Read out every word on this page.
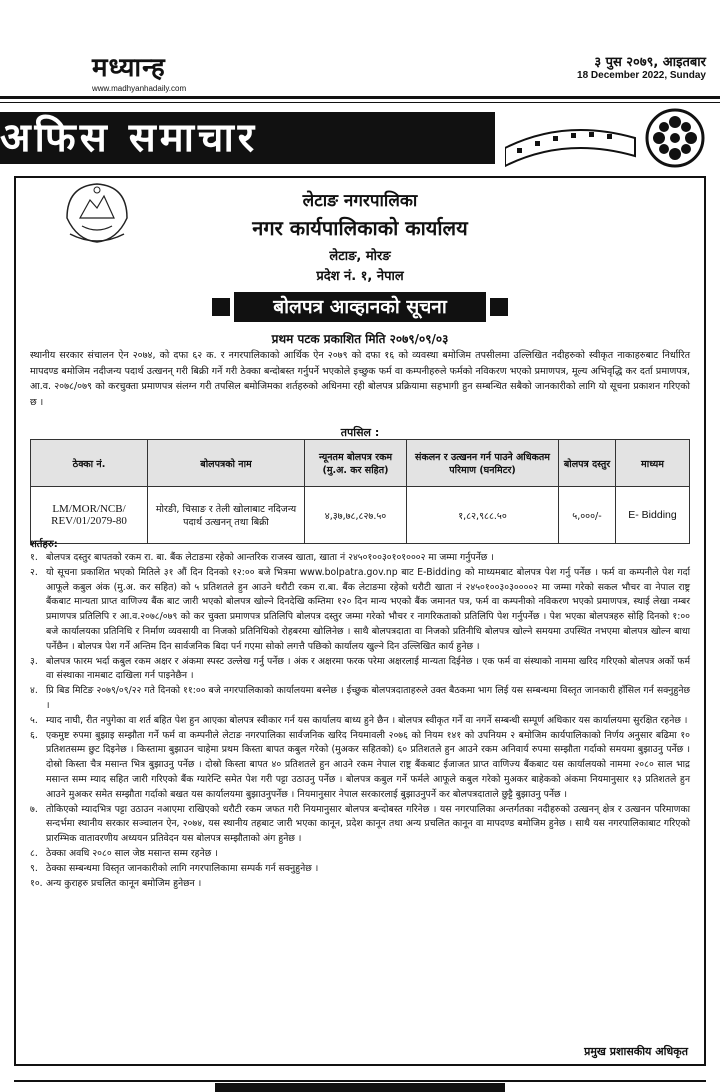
मध्यान्ह
www.madhyanhadaily.com
३ पुस २०७९, आइतबार
18 December 2022, Sunday
अफिस समाचार
लेटाङ नगरपालिका
नगर कार्यपालिकाको कार्यालय
लेटाङ, मोरङ
प्रदेश नं. १, नेपाल
बोलपत्र आव्हानको सूचना
प्रथम पटक प्रकाशित मिति २०७९/०९/०३
स्थानीय सरकार संचालन ऐन २०७४, को दफा ६२ क. र नगरपालिकाको आर्थिक ऐन २०७९ को दफा १६ को व्यवस्था बमोजिम तपसीलमा उल्लिखित नदीहरुको स्वीकृत नाकाहरुबाट निर्धारित मापदण्ड बमोजिम नदीजन्य पदार्थ उत्खनन् गरी बिक्री गर्ने गरी ठेक्का बन्दोबस्त गर्नुपर्ने भएकोले इच्छुक फर्म वा कम्पनीहरुले फर्मको नविकरण भएको प्रमाणपत्र, मूल्य अभिवृद्धि कर दर्ता प्रमाणपत्र, आ.व. २०७८/०७९ को करचुक्ता प्रमाणपत्र संलग्न गरी तपसिल बमोजिमका शर्तहरुको अधिनमा रही बोलपत्र प्रक्रियामा सहभागी हुन सम्बन्धित सबैको जानकारीको लागि यो सूचना प्रकाशन गरिएको छ ।
तपसिल :
ठेक्का नं.	बोलपत्रको नाम	न्यूनतम बोलपत्र रकम (मु.अ. कर सहित)	संकलन र उत्खनन गर्न पाउने अधिकतम परिमाण (घनमिटर)	बोलपत्र दस्तुर	माध्यम
LM/MOR/NCB/ REV/01/2079-80	मोरङी, चिसाङ र तेली खोलाबाट नदिजन्य पदार्थ उत्खनन् तथा बिक्री	४,३७,७८,८२७.५०	१,८२,९८८.५०	५,०००/-	E- Bidding
शर्तहरु:
१. बोलपत्र दस्तुर बापतको रकम रा. बा. बैंक लेटाङमा रहेको आन्तरिक राजस्व खाता, खाता नं २४५०१००३०१०१०००२ मा जम्मा गर्नुपर्नेछ ।
२. यो सूचना प्रकाशित भएको मितिले ३१ औं दिन दिनको १२:०० बजे भित्रमा www.bolpatra.gov.np बाट E-Bidding को माध्यमबाट बोलपत्र पेश गर्नु पर्नेछ । फर्म वा कम्पनीले पेश गर्दा आफूले कबुल अंक (मु.अ. कर सहित) को ५ प्रतिशतले हुन आउने धरौटी रकम रा.बा. बैंक लेटाङमा रहेको धरौटी खाता नं २४५०१००३०३००००२ मा जम्मा गरेको सकल भौचर वा नेपाल राष्ट्र बैंकबाट मान्यता प्राप्त वाणिज्य बैंक बाट जारी भएको बोलपत्र खोल्ने दिनदेखि कम्तिमा १२० दिन मान्य भएको बैंक जमानत पत्र, फर्म वा कम्पनीको नविकरण भएको प्रमाणपत्र, स्थाई लेखा नम्बर प्रमाणपत्र प्रतिलिपि र आ.व.२०७८/०७९ को कर चुक्ता प्रमाणपत्र प्रतिलिपि बोलपत्र दस्तुर जम्मा गरेको भौचर र नागरिकताको प्रतिलिपि पेश गर्नुपर्नेछ । पेश भएका बोलपत्रहरु सोहि दिनको १:०० बजे कार्यालयका प्रतिनिधि र निर्माण व्यवसायी वा निजको प्रतिनिधिको रोहबरमा खोलिनेछ । साथै बोलपत्रदाता वा निजको प्रतिनीधि बोलपत्र खोल्ने समयमा उपस्थित नभएमा बोलपत्र खोल्न बाधा पर्नेछैन । बोलपत्र पेश गर्ने अन्तिम दिन सार्वजनिक बिदा पर्न गएमा सोको लगत्तै पछिको कार्यालय खुल्ने दिन उल्लिखित कार्य हुनेछ ।
३. बोलपत्र फारम भर्दा कबुल रकम अक्षर र अंकमा स्पस्ट उल्लेख गर्नु पर्नेछ । अंक र अक्षरमा फरक परेमा अक्षरलाई मान्यता दिईनेछ । एक फर्म वा संस्थाको नाममा खरिद गरिएको बोलपत्र अर्को फर्म वा संस्थाका नामबाट दाखिला गर्न पाइनेछैन ।
४. प्रि बिड मिटिङ २०७९/०९/२२ गते दिनको ११:०० बजे नगरपालिकाको कार्यालयमा बस्नेछ । ईच्छुक बोलपत्रदाताहरुले उक्त बैठकमा भाग लिई यस सम्बन्धमा विस्तृत जानकारी हाँसिल गर्न सक्नुहुनेछ ।
५. म्याद नाघी, रीत नपुगेका वा शर्त बहित पेश हुन आएका बोलपत्र स्वीकार गर्न यस कार्यालय बाध्य हुने छैन । बोलपत्र स्वीकृत गर्ने वा नगर्ने सम्बन्धी सम्पूर्ण अधिकार यस कार्यालयमा सुरक्षित रहनेछ ।
६. एकमुष्ट रुपमा बुझाइ सम्झौता गर्ने फर्म वा कम्पनीले लेटाङ नगरपालिका सार्वजनिक खरिद नियमावली २०७६ को नियम १४१ को उपनियम २ बमोजिम कार्यपालिकाको निर्णय अनुसार बढिमा १० प्रतिशतसम्म छुट दिइनेछ । किस्तामा बुझाउन चाहेमा प्रथम किस्ता बापत कबुल गरेको (मुअकर सहितको) ६० प्रतिशतले हुन आउने रकम अनिवार्य रुपमा सम्झौता गर्दाको समयमा बुझाउनु पर्नेछ । दोस्रो किस्ता चैत्र मसान्त भित्र बुझाउनु पर्नेछ । दोस्रो किस्ता बापत ४० प्रतिशतले हुन आउने रकम नेपाल राष्ट्र बैंकबाट ईजाजत प्राप्त वाणिज्य बैंकबाट यस कार्यालयको नाममा २०८० साल भाद्र मसान्त सम्म म्याद सहित जारी गरिएको बैंक ग्यारेन्टि समेत पेश गरी पट्टा उठाउनु पर्नेछ । बोलपत्र कबुल गर्ने फर्मले आफूले कबुल गरेको मुअकर बाहेकको अंकमा नियमानुसार १३ प्रतिशतले हुन आउने मुअकर समेत सम्झौता गर्दाको बखत यस कार्यालयमा बुझाउनुपर्नेछ । नियमानुसार नेपाल सरकारलाई बुझाउनुपर्ने कर बोलपत्रदाताले छुट्टै बुझाउनु पर्नेछ ।
७. तोकिएको म्यादभित्र पट्टा उठाउन नआएमा राखिएको धरौटी रकम जफत गरी नियमानुसार बोलपत्र बन्दोबस्त गरिनेछ । यस नगरपालिका अन्तर्गतका नदीहरुको उत्खनन् क्षेत्र र उत्खनन परिमाणका सन्दर्भमा स्थानीय सरकार सञ्चालन ऐन, २०७४, यस स्थानीय तहबाट जारी भएका कानून, प्रदेश कानून तथा अन्य प्रचलित कानून वा मापदण्ड बमोजिम हुनेछ । साथै यस नगरपालिकाबाट गरिएको प्रारम्भिक वातावरणीय अध्ययन प्रतिवेदन यस बोलपत्र सम्झौताको अंग हुनेछ ।
८. ठेक्का अवधि २०८० साल जेष्ठ मसान्त सम्म रहनेछ ।
९. ठेक्का सम्बन्धमा विस्तृत जानकारीको लागि नगरपालिकामा सम्पर्क गर्न सक्नुहुनेछ ।
१०. अन्य कुराहरु प्रचलित कानून बमोजिम हुनेछन ।
प्रमुख प्रशासकीय अधिकृत
